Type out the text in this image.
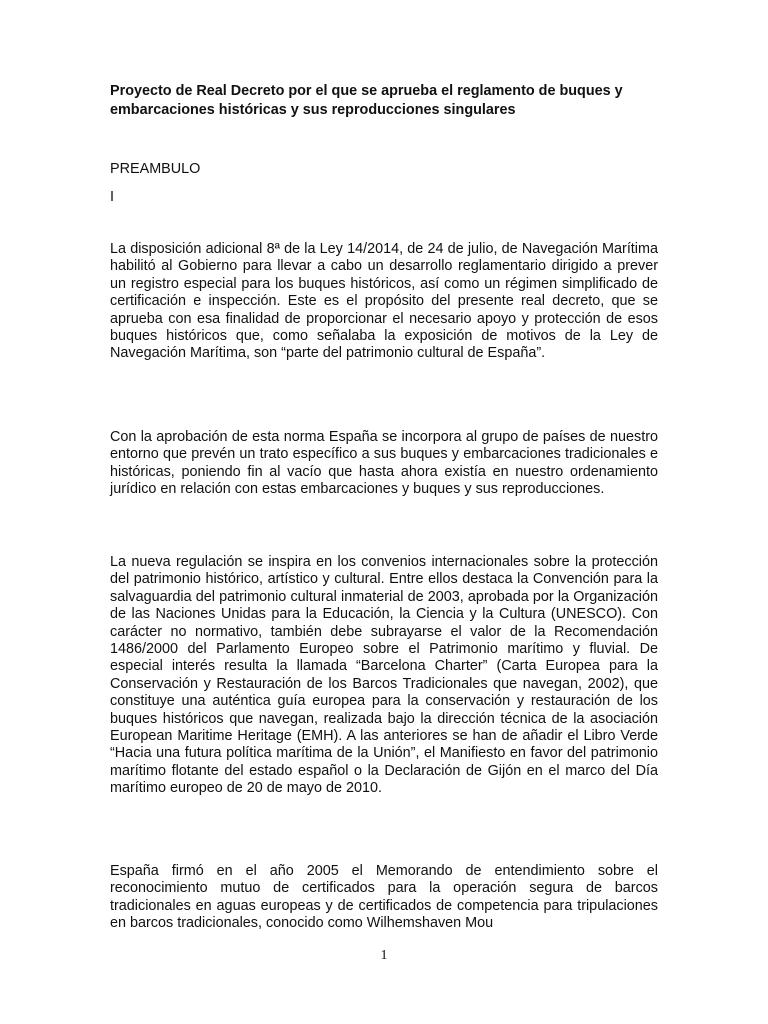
Proyecto de Real Decreto por el que se aprueba el reglamento de buques y embarcaciones históricas y sus reproducciones singulares

PREAMBULO

I

La disposición adicional 8ª de la Ley 14/2014, de 24 de julio, de Navegación Marítima habilitó al Gobierno para llevar a cabo un desarrollo reglamentario dirigido a prever un registro especial para los buques históricos, así como un régimen simplificado de certificación e inspección. Este es el propósito del presente real decreto, que se aprueba con esa finalidad de proporcionar el necesario apoyo y protección de esos buques históricos que, como señalaba la exposición de motivos de la Ley de Navegación Marítima, son “parte del patrimonio cultural de España”.

Con la aprobación de esta norma España se incorpora al grupo de países de nuestro entorno que prevén un trato específico a sus buques y embarcaciones tradicionales e históricas, poniendo fin al vacío que hasta ahora existía en nuestro ordenamiento jurídico en relación con estas embarcaciones y buques y sus reproducciones.

La nueva regulación se inspira en los convenios internacionales sobre la protección del patrimonio histórico, artístico y cultural. Entre ellos destaca la Convención para la salvaguardia del patrimonio cultural inmaterial de 2003, aprobada por la Organización de las Naciones Unidas para la Educación, la Ciencia y la Cultura (UNESCO). Con carácter no normativo, también debe subrayarse el valor de la Recomendación 1486/2000 del Parlamento Europeo sobre el Patrimonio marítimo y fluvial. De especial interés resulta la llamada “Barcelona Charter” (Carta Europea para la Conservación y Restauración de los Barcos Tradicionales que navegan, 2002), que constituye una auténtica guía europea para la conservación y restauración de los buques históricos que navegan, realizada bajo la dirección técnica de la asociación European Maritime Heritage (EMH). A las anteriores se han de añadir el Libro Verde “Hacia una futura política marítima de la Unión”, el Manifiesto en favor del patrimonio marítimo flotante del estado español o la Declaración de Gijón en el marco del Día marítimo europeo de 20 de mayo de 2010.

España firmó en el año 2005 el Memorando de entendimiento sobre el reconocimiento mutuo de certificados para la operación segura de barcos tradicionales en aguas europeas y de certificados de competencia para tripulaciones en barcos tradicionales, conocido como Wilhemshaven Mou

1
